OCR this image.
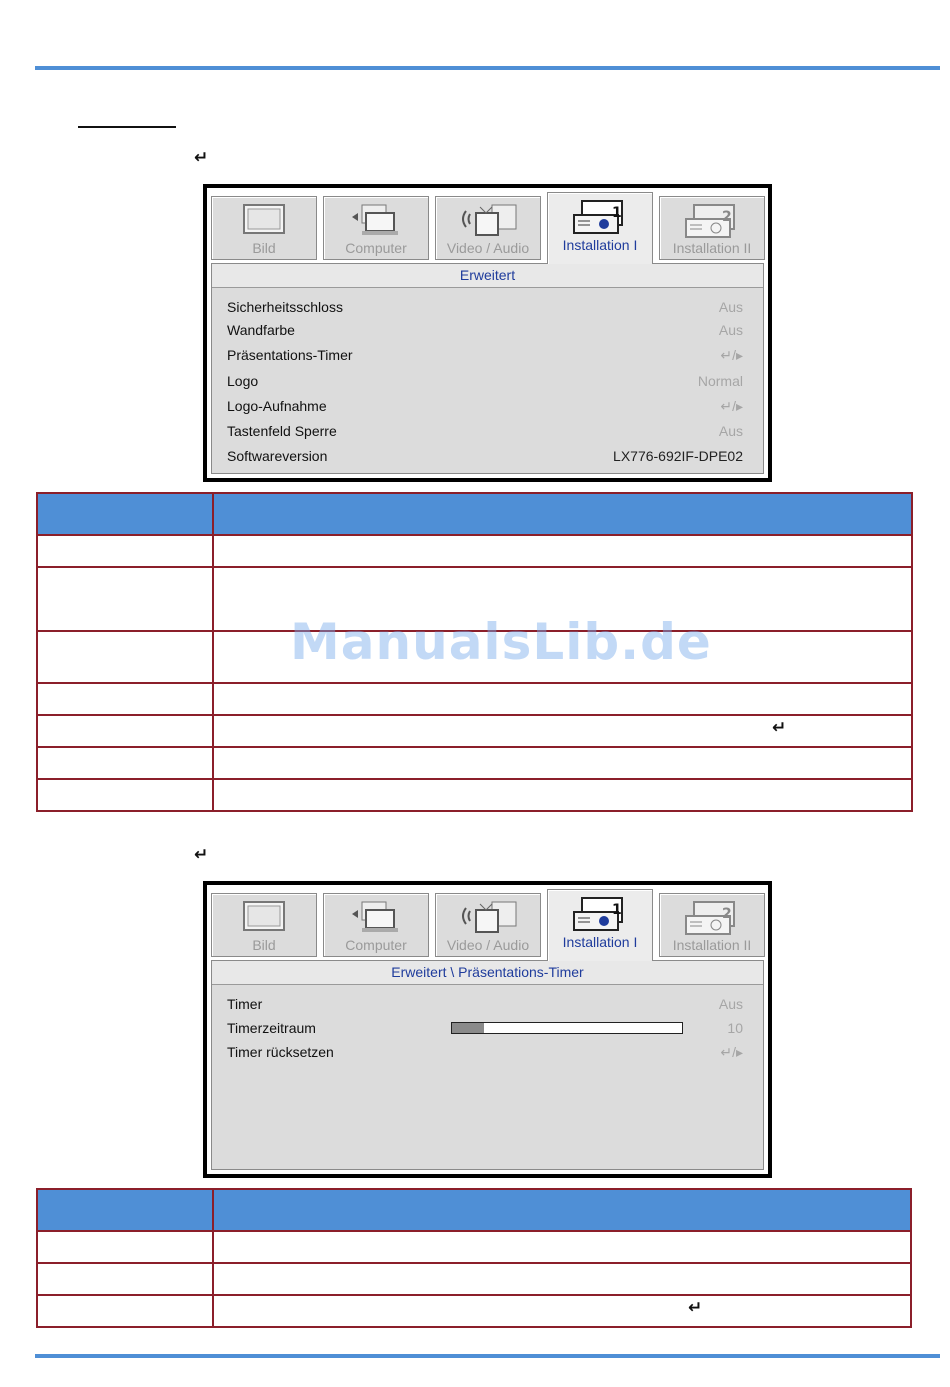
↵
Bild	Computer	Video / Audio
1
Installation I
2
Installation II
Erweitert
Sicherheitsschloss	Aus
Wandfarbe	Aus
Präsentations-Timer	↵/▸
Logo	Normal
Logo-Aufnahme	↵/▸
Tastenfeld Sperre	Aus
Softwareversion	LX776-692IF-DPE02

↵
ManualsLib.de
↵
Bild	Computer	Video / Audio
1
Installation I
2
Installation II
Erweitert \ Präsentations-Timer
Timer	Aus
Timerzeitraum	10
Timer rücksetzen	↵/▸

↵
